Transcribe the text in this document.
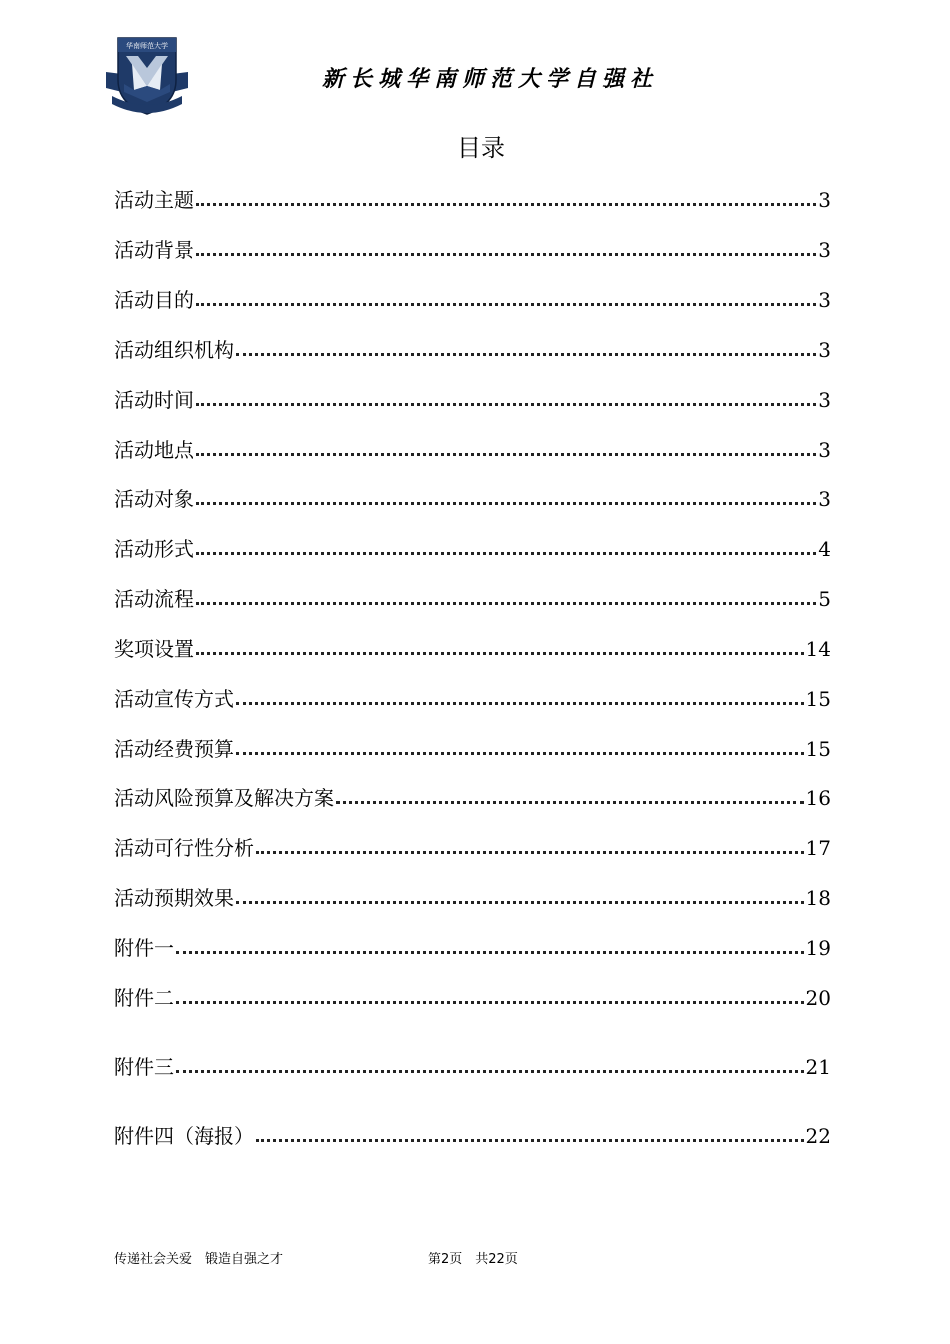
华南师范大学
新长城华南师范大学自强社
目录
活动主题	3
活动背景	3
活动目的	3
活动组织机构	3
活动时间	3
活动地点	3
活动对象	3
活动形式	4
活动流程	5
奖项设置	14
活动宣传方式	15
活动经费预算	15
活动风险预算及解决方案	16
活动可行性分析	17
活动预期效果	18
附件一	19
附件二	20
附件三	21
附件四（海报）	22
传递社会关爱　锻造自强之才	第2页　共22页
